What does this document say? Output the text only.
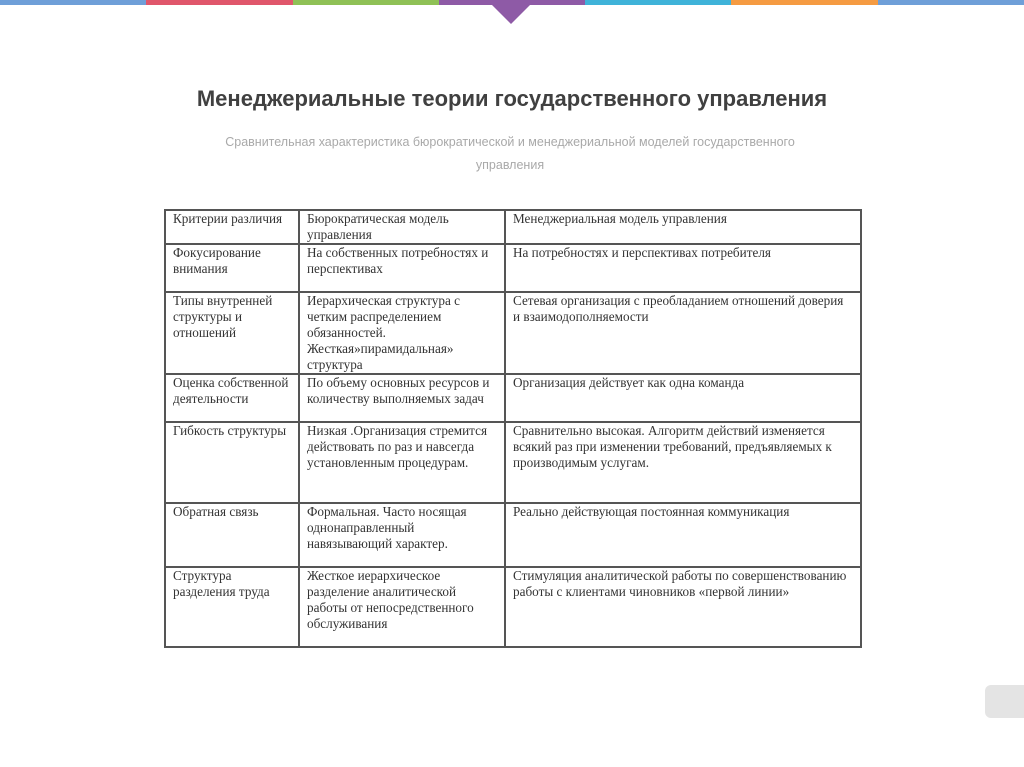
Менеджериальные теории государственного управления
Сравнительная характеристика бюрократической и менеджериальной моделей государственного управления
Критерии различия	Бюрократическая модель управления	Менеджериальная модель управления
Фокусирование внимания	На собственных потребностях и перспективах	На потребностях и перспективах потребителя
Типы внутренней структуры и отношений	Иерархическая структура с четким распределением обязанностей. Жесткая»пирамидальная» структура	Сетевая организация с преобладанием отношений доверия и взаимодополняемости
Оценка собственной деятельности	По объему основных ресурсов и количеству выполняемых задач	Организация действует как одна команда
Гибкость структуры	Низкая .Организация стремится действовать по раз и навсегда установленным процедурам.	Сравнительно высокая. Алгоритм действий изменяется всякий раз при изменении требований, предъявляемых к производимым услугам.
Обратная связь	Формальная. Часто носящая однонаправленный навязывающий характер.	Реально действующая постоянная коммуникация
Структура разделения труда	Жесткое иерархическое разделение аналитической работы от непосредственного обслуживания	Стимуляция аналитической работы по совершенствованию работы с клиентами чиновников «первой линии»
